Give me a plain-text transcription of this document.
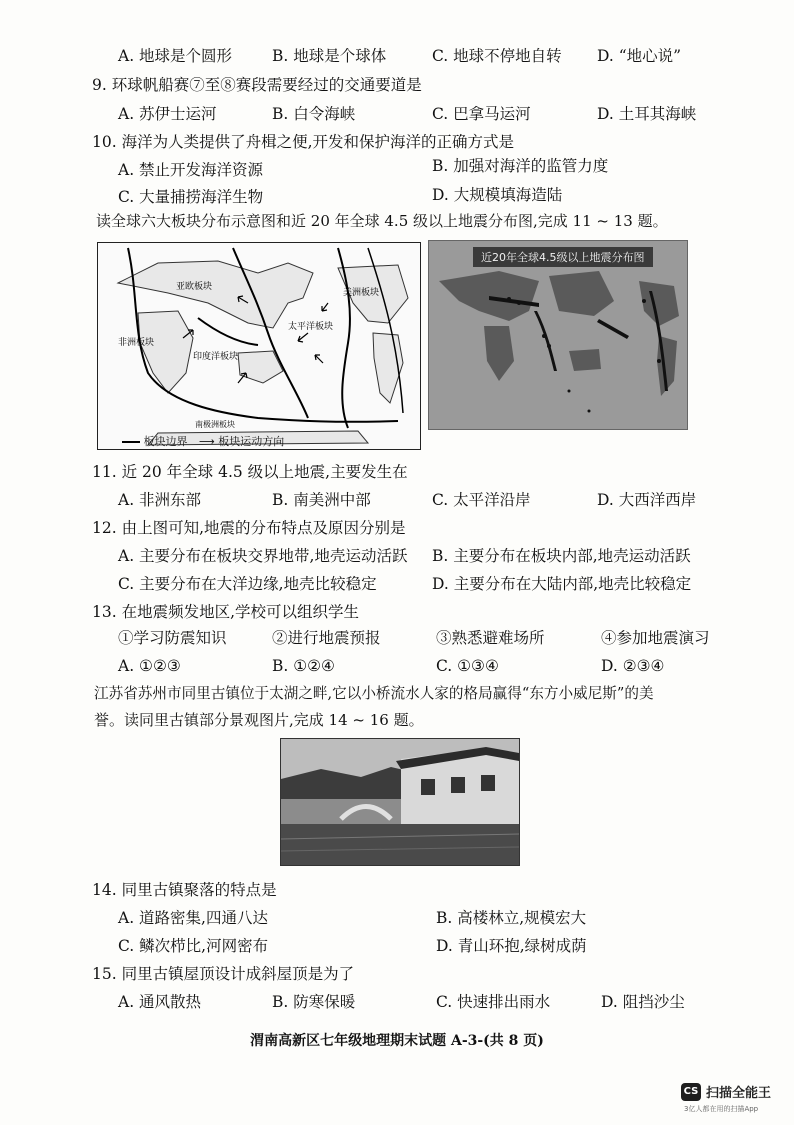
A. 地球是个圆形	B. 地球是个球体	C. 地球不停地自转 D. “地心说”
9. 环球帆船赛⑦至⑧赛段需要经过的交通要道是
A. 苏伊士运河	B. 白令海峡	C. 巴拿马运河	D. 土耳其海峡
10. 海洋为人类提供了舟楫之便,开发和保护海洋的正确方式是
A. 禁止开发海洋资源	B. 加强对海洋的监管力度
C. 大量捕捞海洋生物	D. 大规模填海造陆
读全球六大板块分布示意图和近 20 年全球 4.5 级以上地震分布图,完成 11 ~ 13 题。
亚欧板块
美洲板块
太平洋板块
非洲板块
印度洋板块
南极洲板块
板块边界 ⟶ 板块运动方向
近20年全球4.5级以上地震分布图
11. 近 20 年全球 4.5 级以上地震,主要发生在
A. 非洲东部	B. 南美洲中部	C. 太平洋沿岸	D. 大西洋西岸
12. 由上图可知,地震的分布特点及原因分别是
A. 主要分布在板块交界地带,地壳运动活跃 B. 主要分布在板块内部,地壳运动活跃
C. 主要分布在大洋边缘,地壳比较稳定	D. 主要分布在大陆内部,地壳比较稳定
13. 在地震频发地区,学校可以组织学生
①学习防震知识	②进行地震预报	③熟悉避难场所	④参加地震演习
A. ①②③	B. ①②④	C. ①③④	D. ②③④
江苏省苏州市同里古镇位于太湖之畔,它以小桥流水人家的格局赢得“东方小威尼斯”的美
誉。读同里古镇部分景观图片,完成 14 ~ 16 题。
14. 同里古镇聚落的特点是
A. 道路密集,四通八达	B. 高楼林立,规模宏大
C. 鳞次栉比,河网密布	D. 青山环抱,绿树成荫
15. 同里古镇屋顶设计成斜屋顶是为了
A. 通风散热	B. 防寒保暖	C. 快速排出雨水	D. 阻挡沙尘
渭南高新区七年级地理期末试题 A-3-(共 8 页)
CS 扫描全能王
3亿人都在用的扫描App
